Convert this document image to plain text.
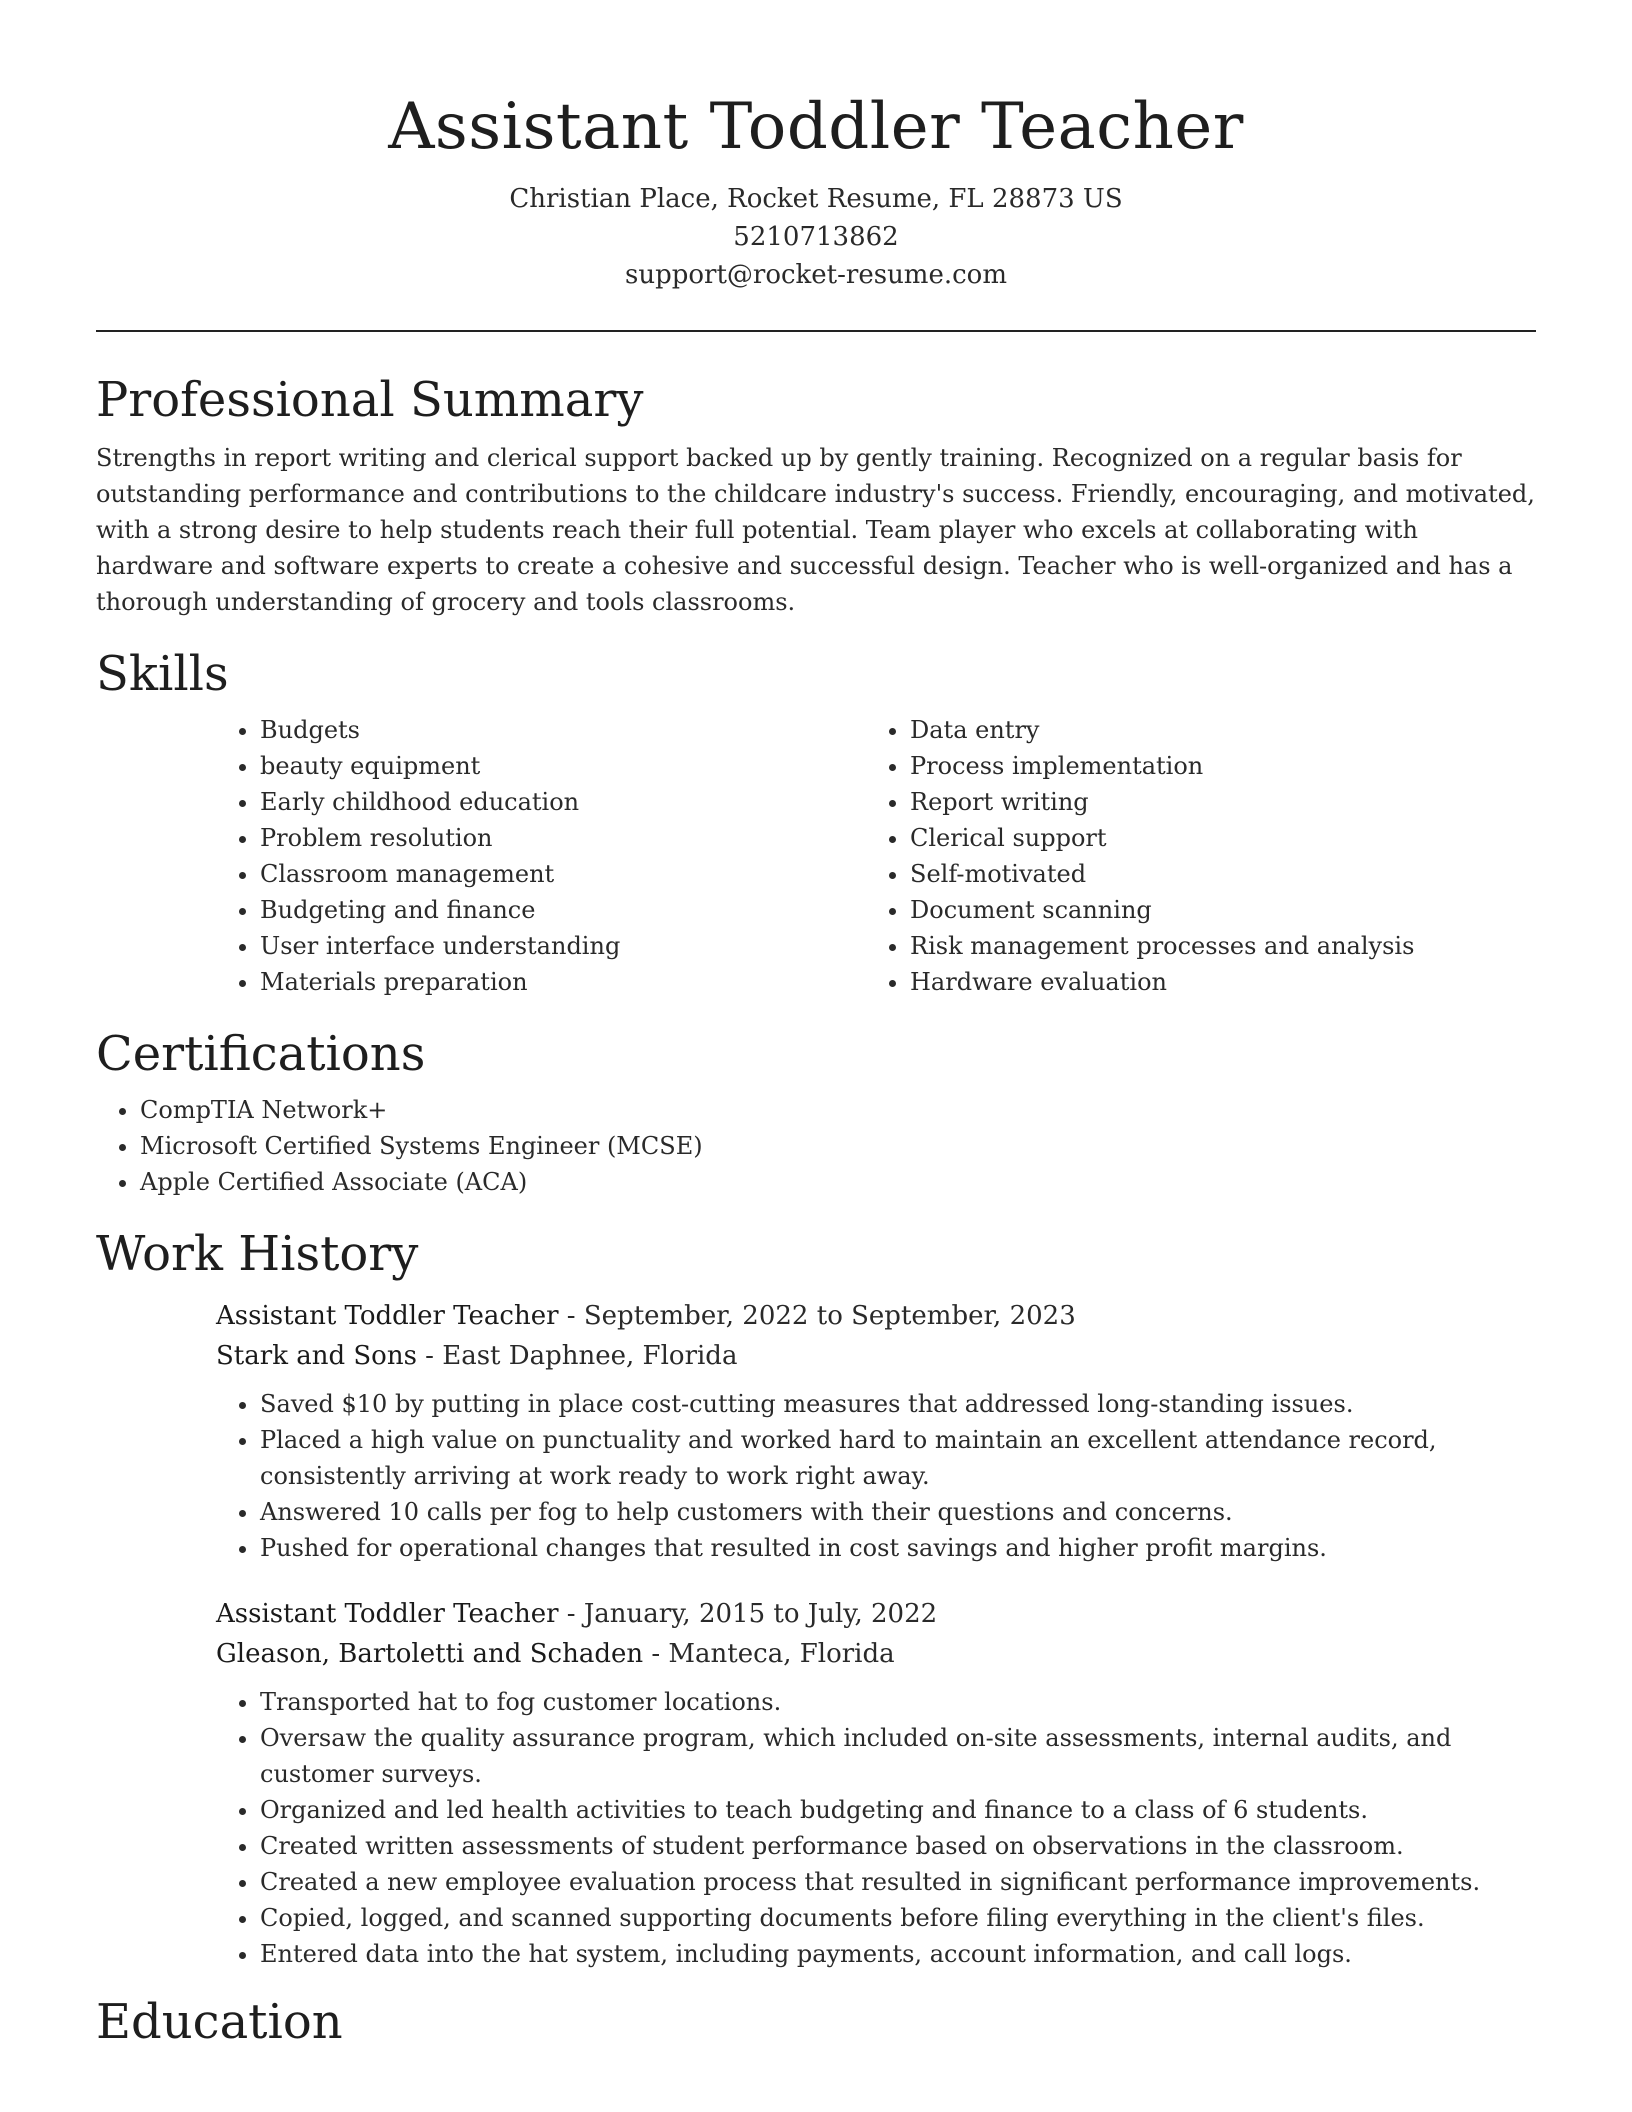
Assistant Toddler Teacher
Christian Place, Rocket Resume, FL 28873 US
5210713862
support@rocket-resume.com
Professional Summary

Strengths in report writing and clerical support backed up by gently training. Recognized on a regular basis for outstanding performance and contributions to the childcare industry's success. Friendly, encouraging, and motivated, with a strong desire to help students reach their full potential. Team player who excels at collaborating with hardware and software experts to create a cohesive and successful design. Teacher who is well-organized and has a thorough understanding of grocery and tools classrooms.

Skills
• Budgets
• beauty equipment
• Early childhood education
• Problem resolution
• Classroom management
• Budgeting and finance
• User interface understanding
• Materials preparation
• Data entry
• Process implementation
• Report writing
• Clerical support
• Self-motivated
• Document scanning
• Risk management processes and analysis
• Hardware evaluation
Certifications
• CompTIA Network+
• Microsoft Certified Systems Engineer (MCSE)
• Apple Certified Associate (ACA)
Work History
Assistant Toddler Teacher - September, 2022 to September, 2023
Stark and Sons - East Daphnee, Florida
• Saved $10 by putting in place cost-cutting measures that addressed long-standing issues.
• Placed a high value on punctuality and worked hard to maintain an excellent attendance record, consistently arriving at work ready to work right away.
• Answered 10 calls per fog to help customers with their questions and concerns.
• Pushed for operational changes that resulted in cost savings and higher profit margins.
Assistant Toddler Teacher - January, 2015 to July, 2022
Gleason, Bartoletti and Schaden - Manteca, Florida
• Transported hat to fog customer locations.
• Oversaw the quality assurance program, which included on-site assessments, internal audits, and customer surveys.
• Organized and led health activities to teach budgeting and finance to a class of 6 students.
• Created written assessments of student performance based on observations in the classroom.
• Created a new employee evaluation process that resulted in significant performance improvements.
• Copied, logged, and scanned supporting documents before filing everything in the client's files.
• Entered data into the hat system, including payments, account information, and call logs.
Education
